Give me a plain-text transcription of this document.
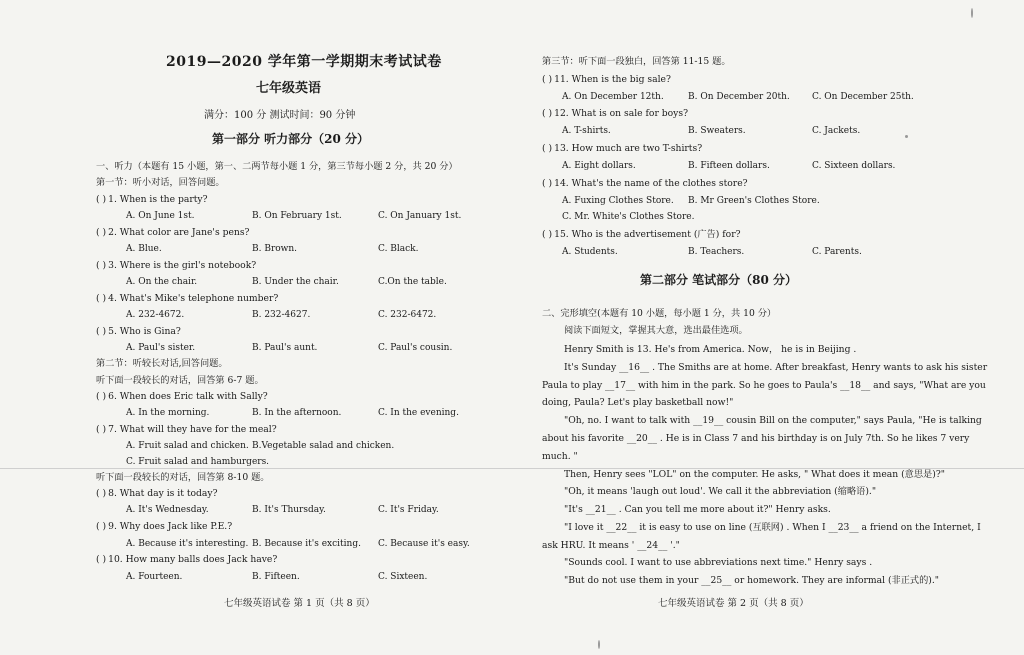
2019—2020 学年第一学期期末考试试卷
七年级英语
满分：100 分 测试时间：90 分钟
第一部分 听力部分（20 分）
一、听力（本题有 15 小题，第一、二两节每小题 1 分，第三节每小题 2 分，共 20 分）
第一节：听小对话，回答问题。
( ) 1. When is the party?
A. On June 1st.	B. On February 1st.	C. On January 1st.
( ) 2. What color are Jane's pens?
A. Blue.	B. Brown.	C. Black.
( ) 3. Where is the girl's notebook?
A. On the chair.	B. Under the chair.	C.On the table.
( ) 4. What's Mike's telephone number?
A. 232-4672.	B. 232-4627.	C. 232-6472.
( ) 5. Who is Gina?
A. Paul's sister.	B. Paul's aunt.	C. Paul's cousin.
第二节：听较长对话,回答问题。
听下面一段较长的对话，回答第 6-7 题。
( ) 6. When does Eric talk with Sally?
A. In the morning.	B. In the afternoon.	C. In the evening.
( ) 7. What will they have for the meal?
A. Fruit salad and chicken. B.Vegetable salad and chicken.
C. Fruit salad and hamburgers.
听下面一段较长的对话，回答第 8-10 题。
( ) 8. What day is it today?
A. It's Wednesday.	B. It's Thursday.	C. It's Friday.
( ) 9. Why does Jack like P.E.?
A. Because it's interesting. B. Because it's exciting. C. Because it's easy.
( ) 10. How many balls does Jack have?
A. Fourteen.	B. Fifteen.	C. Sixteen.
七年级英语试卷 第 1 页（共 8 页）
第三节：听下面一段独白，回答第 11-15 题。
( ) 11. When is the big sale?
A. On December 12th.	B. On December 20th. C. On December 25th.
( ) 12. What is on sale for boys?
A. T-shirts.	B. Sweaters.	C. Jackets.
( ) 13. How much are two T-shirts?
A. Eight dollars.	B. Fifteen dollars.	C. Sixteen dollars.
( ) 14. What's the name of the clothes store?
A. Fuxing Clothes Store. B. Mr Green's Clothes Store.
C. Mr. White's Clothes Store.
( ) 15. Who is the advertisement (广告) for?
A. Students.	B. Teachers.	C. Parents.
第二部分 笔试部分（80 分）
二、完形填空(本题有 10 小题，每小题 1 分，共 10 分）
阅读下面短文，掌握其大意，选出最佳选项。
Henry Smith is 13. He's from America. Now， he is in Beijing .
It's Sunday __16__ . The Smiths are at home. After breakfast, Henry wants to ask his sister
Paula to play __17__ with him in the park. So he goes to Paula's __18__ and says, "What are you
doing, Paula? Let's play basketball now!"
"Oh, no. I want to talk with __19__ cousin Bill on the computer," says Paula, "He is talking
about his favorite __20__ . He is in Class 7 and his birthday is on July 7th. So he likes 7 very
much. "
Then, Henry sees "LOL" on the computer. He asks, " What does it mean (意思是)?"
"Oh, it means 'laugh out loud'. We call it the abbreviation (缩略语)."
"It's __21__ . Can you tell me more about it?" Henry asks.
"I love it __22__ it is easy to use on line (互联网) . When I __23__ a friend on the Internet, I
ask HRU. It means ' __24__ '."
"Sounds cool. I want to use abbreviations next time." Henry says .
"But do not use them in your __25__ or homework. They are informal (非正式的)."
七年级英语试卷 第 2 页（共 8 页）
